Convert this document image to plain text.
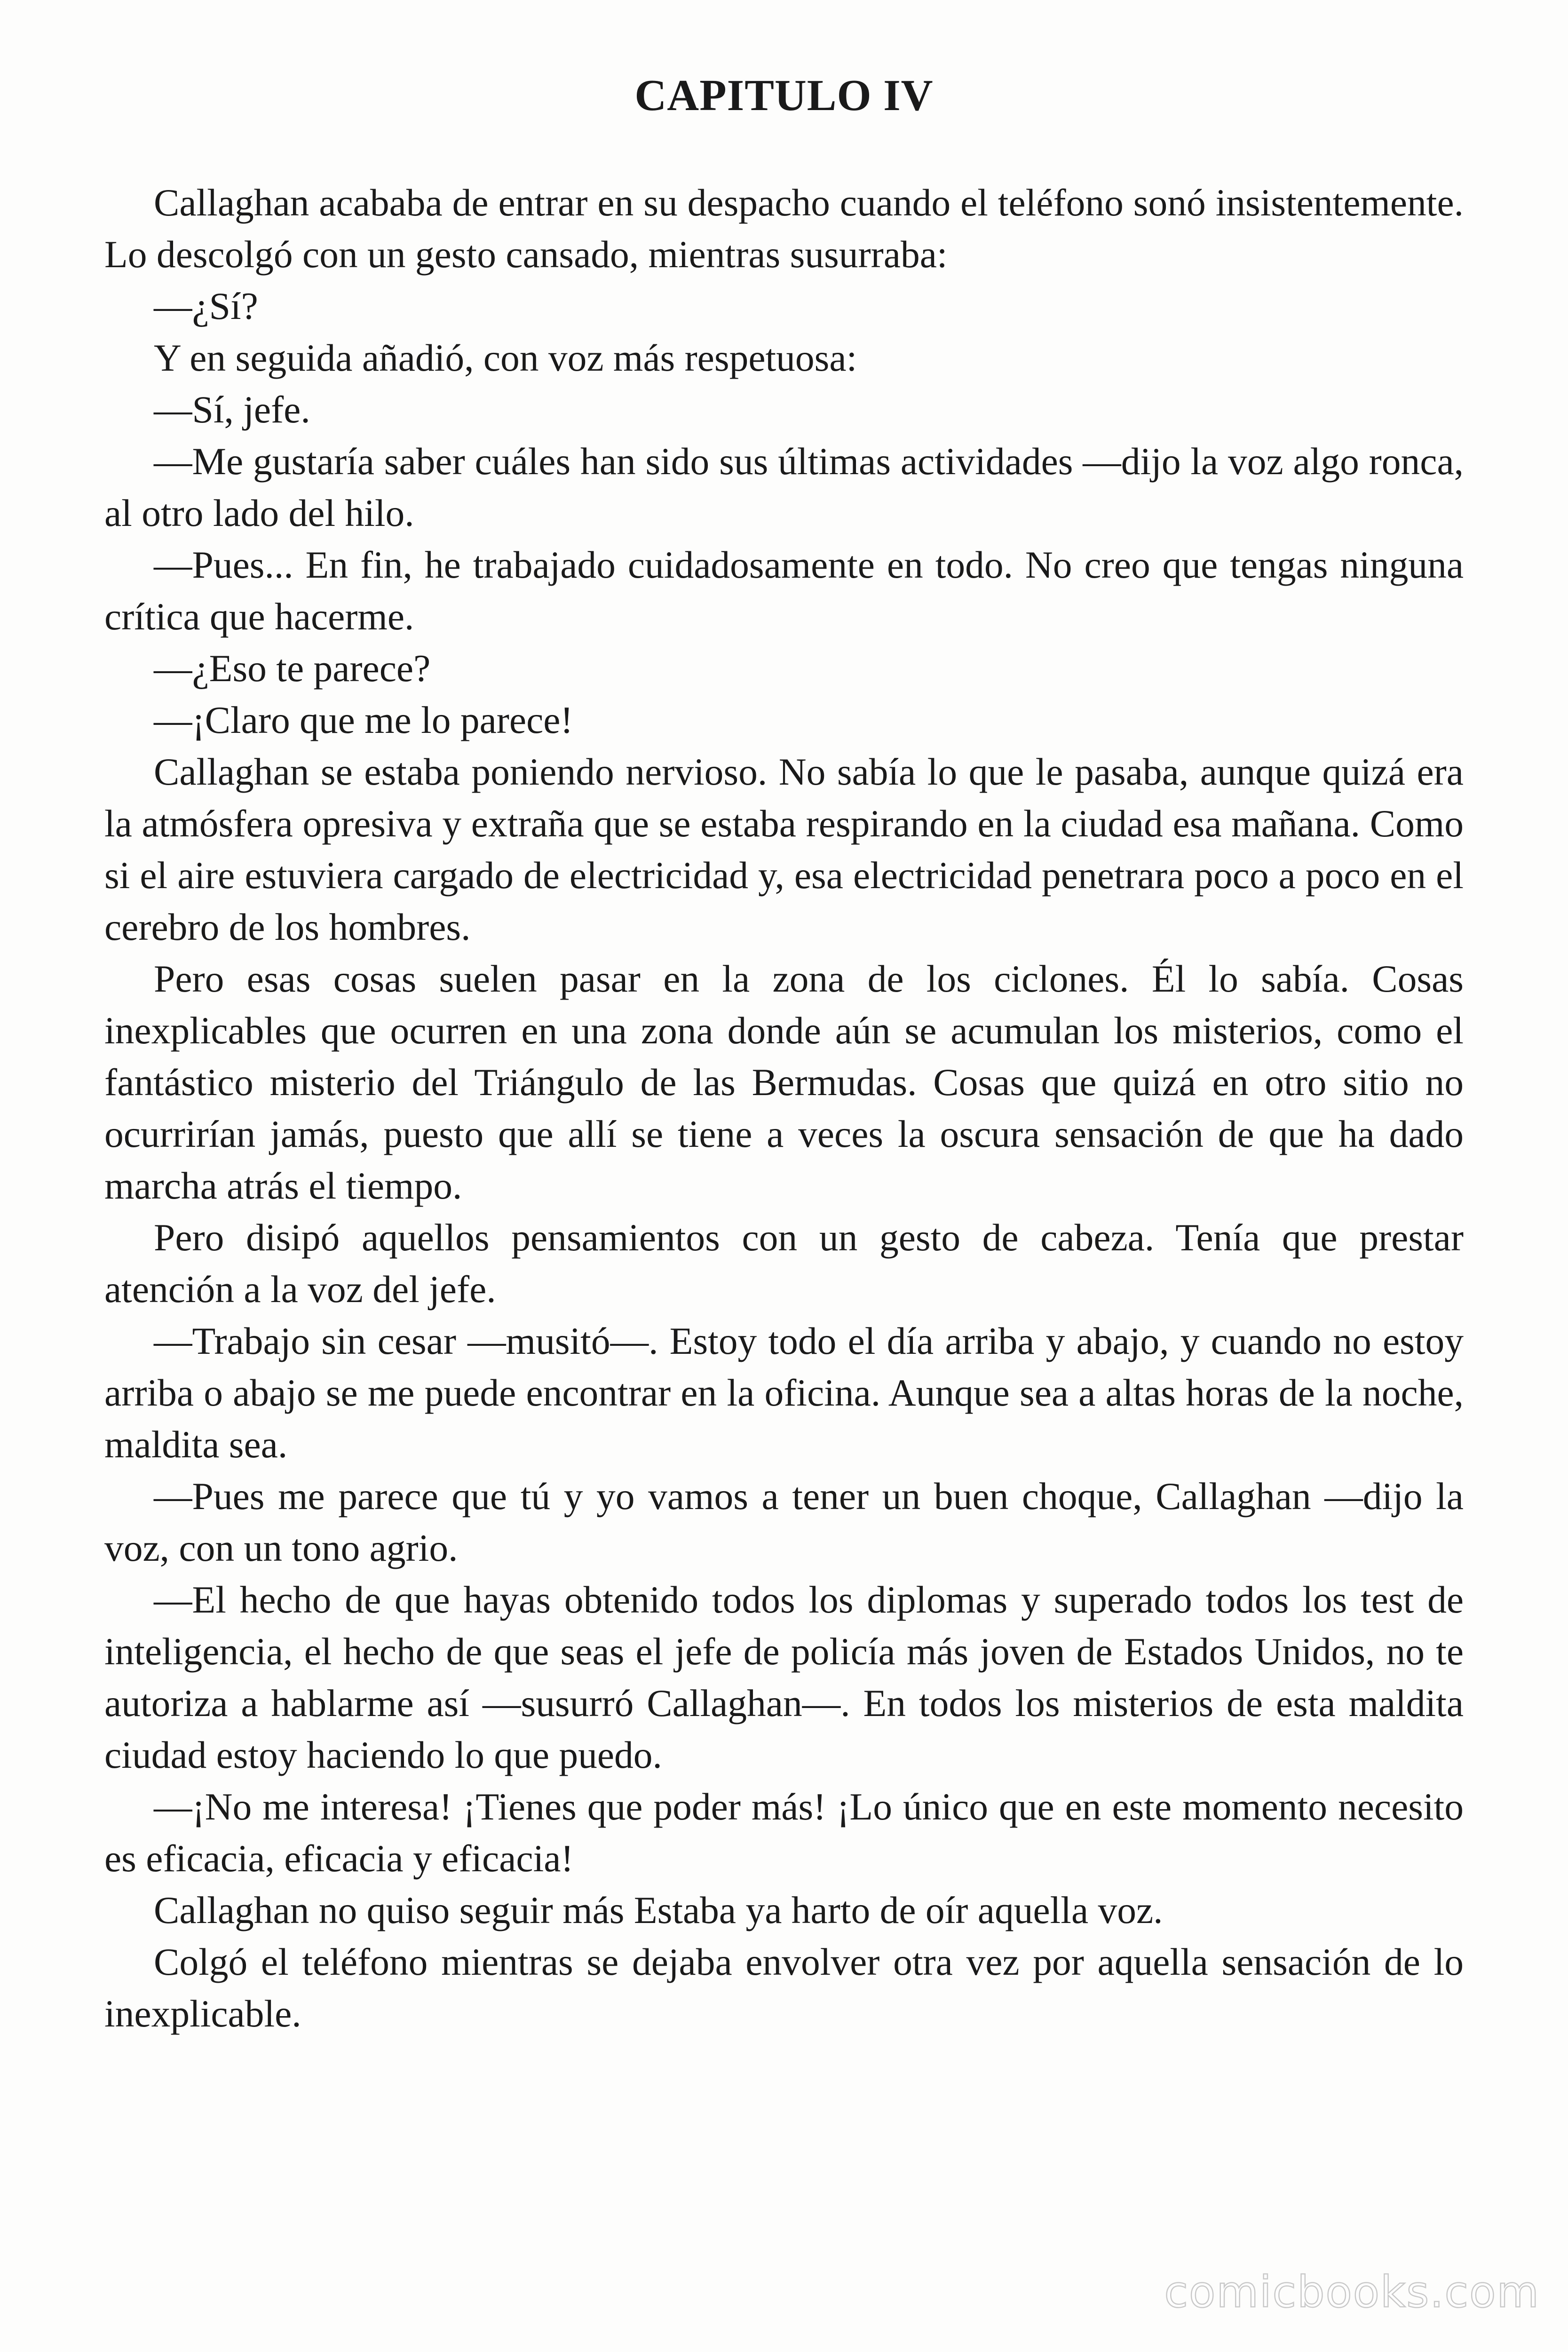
CAPITULO IV

Callaghan acababa de entrar en su despacho cuando el teléfono sonó insistentemente. Lo descolgó con un gesto cansado, mientras susurraba:

—¿Sí?

Y en seguida añadió, con voz más respetuosa:

—Sí, jefe.

—Me gustaría saber cuáles han sido sus últimas actividades —dijo la voz algo ronca, al otro lado del hilo.

—Pues... En fin, he trabajado cuidadosamente en todo. No creo que tengas ninguna crítica que hacerme.

—¿Eso te parece?

—¡Claro que me lo parece!

Callaghan se estaba poniendo nervioso. No sabía lo que le pasaba, aunque quizá era la atmósfera opresiva y extraña que se estaba respirando en la ciudad esa mañana. Como si el aire estuviera cargado de electricidad y, esa electricidad penetrara poco a poco en el cerebro de los hombres.

Pero esas cosas suelen pasar en la zona de los ciclones. Él lo sabía. Cosas inexplicables que ocurren en una zona donde aún se acumulan los misterios, como el fantástico misterio del Triángulo de las Bermudas. Cosas que quizá en otro sitio no ocurrirían jamás, puesto que allí se tiene a veces la oscura sensación de que ha dado marcha atrás el tiempo.

Pero disipó aquellos pensamientos con un gesto de cabeza. Tenía que prestar atención a la voz del jefe.

—Trabajo sin cesar —musitó—. Estoy todo el día arriba y abajo, y cuando no estoy arriba o abajo se me puede encontrar en la oficina. Aunque sea a altas horas de la noche, maldita sea.

—Pues me parece que tú y yo vamos a tener un buen choque, Callaghan —dijo la voz, con un tono agrio.

—El hecho de que hayas obtenido todos los diplomas y superado todos los test de inteligencia, el hecho de que seas el jefe de policía más joven de Estados Unidos, no te autoriza a hablarme así —susurró Callaghan—. En todos los misterios de esta maldita ciudad estoy haciendo lo que puedo.

—¡No me interesa! ¡Tienes que poder más! ¡Lo único que en este momento necesito es eficacia, eficacia y eficacia!

Callaghan no quiso seguir más Estaba ya harto de oír aquella voz.

Colgó el teléfono mientras se dejaba envolver otra vez por aquella sensación de lo inexplicable.

comicbooks.com
